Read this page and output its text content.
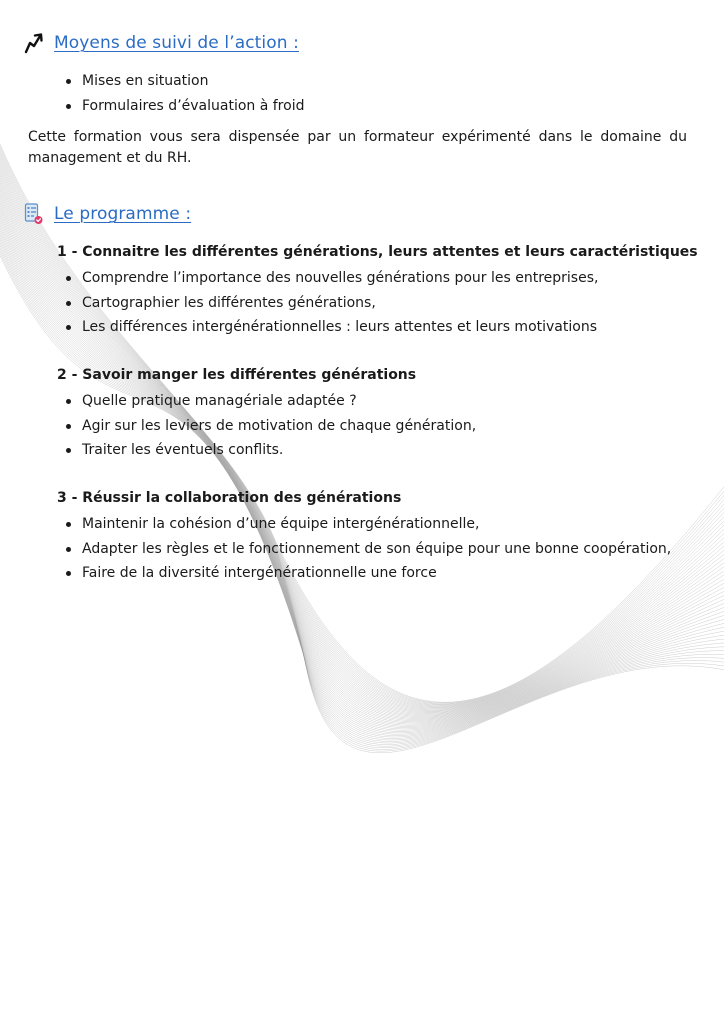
Moyens de suivi de l’action :
Mises en situation
Formulaires d’évaluation à froid

Cette formation vous sera dispensée par un formateur expérimenté dans le domaine du management et du RH.

Le programme :

1 - Connaitre les différentes générations, leurs attentes et leurs caractéristiques

Comprendre l’importance des nouvelles générations pour les entreprises,
Cartographier les différentes générations,
Les différences intergénérationnelles : leurs attentes et leurs motivations

2 - Savoir manger les différentes générations

Quelle pratique managériale adaptée ?
Agir sur les leviers de motivation de chaque génération,
Traiter les éventuels conflits.

3 - Réussir la collaboration des générations

Maintenir la cohésion d’une équipe intergénérationnelle,
Adapter les règles et le fonctionnement de son équipe pour une bonne coopération,
Faire de la diversité intergénérationnelle une force
